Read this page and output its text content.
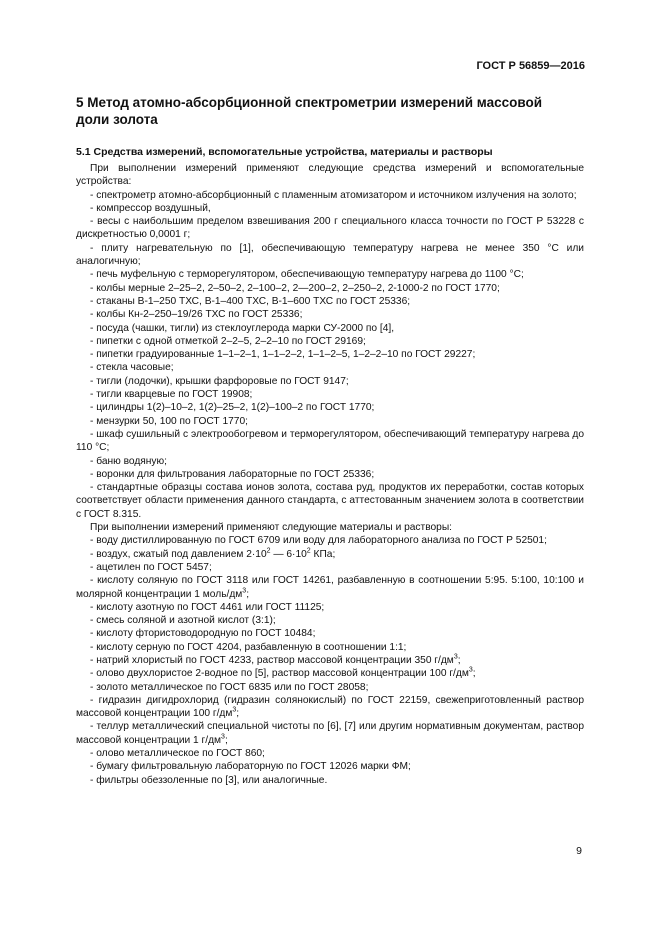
ГОСТ Р 56859—2016
5 Метод атомно-абсорбционной спектрометрии измерений массовой доли золота
5.1 Средства измерений, вспомогательные устройства, материалы и растворы

При выполнении измерений применяют следующие средства измерений и вспомогательные устройства:

- спектрометр атомно-абсорбционный с пламенным атомизатором и источником излучения на золото;

- компрессор воздушный,

- весы с наибольшим пределом взвешивания 200 г специального класса точности по ГОСТ Р 53228 с дискретностью 0,0001 г;

- плиту нагревательную по [1], обеспечивающую температуру нагрева не менее 350 °C или аналогичную;

- печь муфельную с терморегулятором, обеспечивающую температуру нагрева до 1100 °С;

- колбы мерные 2–25–2, 2–50–2, 2–100–2, 2—200–2, 2–250–2, 2-1000-2 по ГОСТ 1770;

- стаканы В-1–250 ТХС, В-1–400 ТХС, В-1–600 ТХС по ГОСТ 25336;

- колбы Кн-2–250–19/26 ТХС по ГОСТ 25336;

- посуда (чашки, тигли) из стеклоуглерода марки СУ-2000 по [4],

- пипетки с одной отметкой 2–2–5, 2–2–10 по ГОСТ 29169;

- пипетки градуированные 1–1–2–1, 1–1–2–2, 1–1–2–5, 1–2–2–10 по ГОСТ 29227;

- стекла часовые;

- тигли (лодочки), крышки фарфоровые по ГОСТ 9147;

- тигли кварцевые по ГОСТ 19908;

- цилиндры 1(2)–10–2, 1(2)–25–2, 1(2)–100–2 по ГОСТ 1770;

- мензурки 50, 100 по ГОСТ 1770;

- шкаф сушильный с электрообогревом и терморегулятором, обеспечивающий температуру нагрева до 110 °С;

- баню водяную;

- воронки для фильтрования лабораторные по ГОСТ 25336;

- стандартные образцы состава ионов золота, состава руд, продуктов их переработки, состав которых соответствует области применения данного стандарта, с аттестованным значением золота в соответствии с ГОСТ 8.315.

При выполнении измерений применяют следующие материалы и растворы:

- воду дистиллированную по ГОСТ 6709 или воду для лабораторного анализа по ГОСТ Р 52501;

- воздух, сжатый под давлением $2\cdot 10^2$ — $6\cdot 10^2$ КПа;

- ацетилен по ГОСТ 5457;

- кислоту соляную по ГОСТ 3118 или ГОСТ 14261, разбавленную в соотношении 5:95. 5:100, 10:100 и молярной концентрации 1 моль/$дм^3$;

- кислоту азотную по ГОСТ 4461 или ГОСТ 11125;

- смесь соляной и азотной кислот (3:1);

- кислоту фтористоводородную по ГОСТ 10484;

- кислоту серную по ГОСТ 4204, разбавленную в соотношении 1:1;

- натрий хлористый по ГОСТ 4233, раствор массовой концентрации 350 $г/дм^3$;

- олово двухлористое 2-водное по [5], раствор массовой концентрации 100 $г/дм^3$;

- золото металлическое по ГОСТ 6835 или по ГОСТ 28058;

- гидразин дигидрохлорид (гидразин солянокислый) по ГОСТ 22159, свежеприготовленный раствор массовой концентрации 100 $г/дм^3$;

- теллур металлический специальной чистоты по [6], [7] или другим нормативным документам, раствор массовой концентрации 1 $г/дм^3$;

- олово металлическое по ГОСТ 860;

- бумагу фильтровальную лабораторную по ГОСТ 12026 марки ФМ;

- фильтры обеззоленные по [3], или аналогичные.

9
